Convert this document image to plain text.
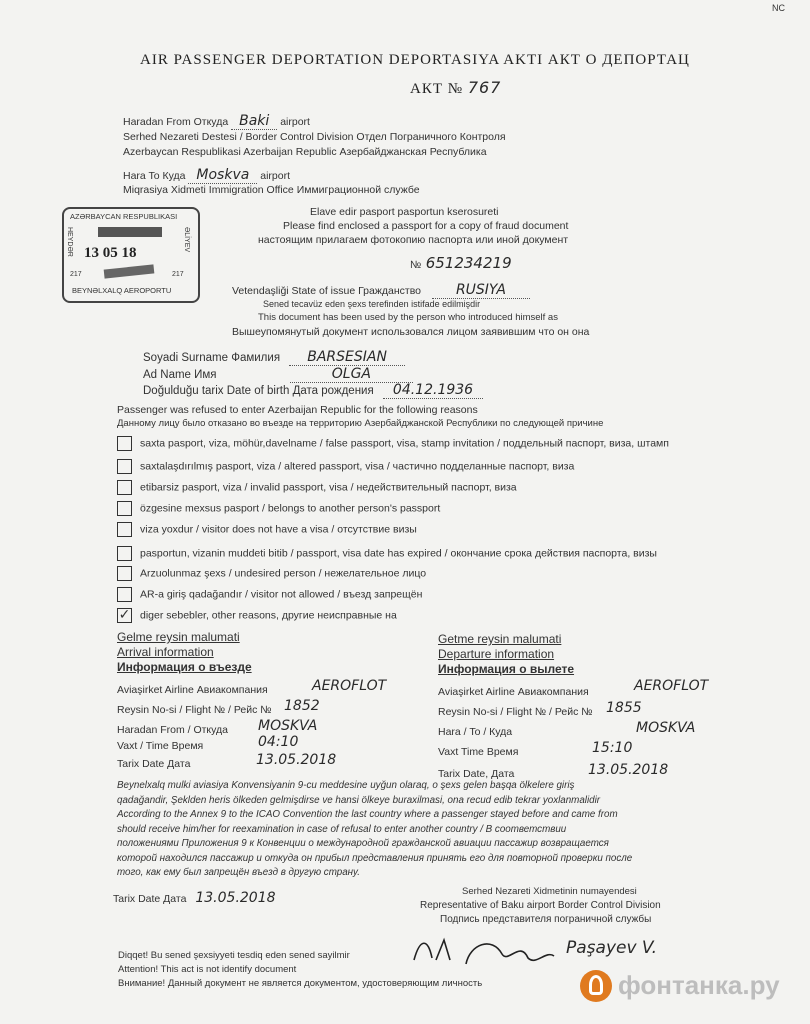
NC
AIR PASSENGER DEPORTATION DEPORTASIYA AKTI АКТ О ДЕПОРТАЦ
АКТ № 767
Haradan From Откуда Baki airport
Serhed Nezareti Destesi / Border Control Division Отдел Пограничного Контроля
Azerbaycan Respublikasi Azerbaijan Republic Азербайджанская Республика
Hara To Куда Moskva airport
Miqrasiya Xidmeti Immigration Office Иммиграционной службе
AZƏRBAYCAN RESPUBLIKASI
HEYDƏR	ƏLİYEV
13 05 18
217	217
BEYNƏLXALQ AEROPORTU
Elave edir pasport pasportun kserosureti
Please find enclosed a passport for a copy of fraud document
настоящим прилагаем фотокопию паспорта или иной документ
№ 651234219
Vetendaşliği State of issue Гражданство RUSIYA
Sened tecavüz eden şexs terefinden istifade edilmişdir
This document has been used by the person who introduced himself as
Вышеупомянутый документ использовался лицом заявившим что он она
Soyadi Surname Фамилия BARSESIAN
Ad Name Имя	OLGA
Doğulduğu tarix Date of birth Дата рождения 04.12.1936
Passenger was refused to enter Azerbaijan Republic for the following reasons
Данному лицу было отказано во въезде на территорию Азербайджанской Республики по следующей причине
saxta pasport, viza, möhür,davelname / false passport, visa, stamp invitation / поддельный паспорт, виза, штамп
saxtalaşdırılmış pasport, viza / altered passport, visa / частично подделанные паспорт, виза
etibarsiz pasport, viza / invalid passport, visa / недействительный паспорт, виза
özgesine mexsus pasport / belongs to another person's passport
viza yoxdur / visitor does not have a visa / отсутствие визы
pasportun, vizanin muddeti bitib / passport, visa date has expired / окончание срока действия паспорта, визы
Arzuolunmaz şexs / undesired person / нежелательное лицо
AR-a giriş qadağandır / visitor not allowed / въезд запрещён
✓ diger sebebler, other reasons, другие неисправные на
Gelme reysin malumati
Arrival information
Информация о въезде
Aviaşirket Airline Авиакомпания	AEROFLOT
Reysin No-si / Flight № / Рейс № 1852
Haradan From / Откуда MOSKVA
Vaxt / Time Время	04:10
Tarix Date Дата	13.05.2018
Getme reysin malumati
Departure information
Информация о вылете
Aviaşirket Airline Авиакомпания	AEROFLOT
Reysin No-si / Flight № / Рейс № 1855
Hara / To / Куда	MOSKVA
Vaxt Time Время	15:10
Tarix Date, Дата	13.05.2018
Beynelxalq mulki aviasiya Konvensiyanin 9-cu meddesine uyğun olaraq, o şexs gelen başqa ölkelere giriş
qadağandir, Şeklden heris ölkeden gelmişdirse ve hansi ölkeye buraxilmasi, ona recud edib tekrar yoxlanmalidir
According to the Annex 9 to the ICAO Convention the last country where a passenger stayed before and came from
should receive him/her for reexamination in case of refusal to enter another country / В соответствии
положениями Приложения 9 к Конвенции о международной гражданской авиации пассажир возвращается
которой находился пассажир и откуда он прибыл представления принять его для повторной проверки после
того, как ему был запрещён въезд в другую страну.
Tarix Date Дата 13.05.2018	Serhed Nezareti Xidmetinin numayendesi
Representative of Baku airport Border Control Division
Подпись представителя пограничной службы
Paşayev V.
Diqqet! Bu sened şexsiyyeti tesdiq eden sened sayilmir
Attention! This act is not identify document
Внимание! Данный документ не является документом, удостоверяющим личность	фонтанка.ру
